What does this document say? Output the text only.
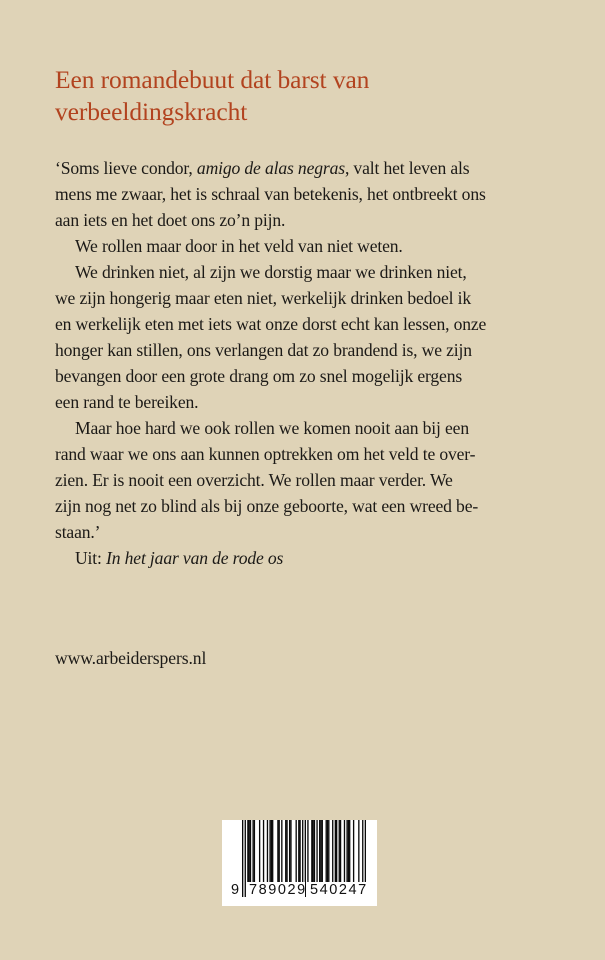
Een romandebuut dat barst van
verbeeldingskracht
‘Soms lieve condor, amigo de alas negras, valt het leven als
mens me zwaar, het is schraal van betekenis, het ontbreekt ons
aan iets en het doet ons zo’n pijn.
We rollen maar door in het veld van niet weten.
We drinken niet, al zijn we dorstig maar we drinken niet,
we zijn hongerig maar eten niet, werkelijk drinken bedoel ik
en werkelijk eten met iets wat onze dorst echt kan lessen, onze
honger kan stillen, ons verlangen dat zo brandend is, we zijn
bevangen door een grote drang om zo snel mogelijk ergens
een rand te bereiken.
Maar hoe hard we ook rollen we komen nooit aan bij een
rand waar we ons aan kunnen optrekken om het veld te over-
zien. Er is nooit een overzicht. We rollen maar verder. We
zijn nog net zo blind als bij onze geboorte, wat een wreed be-
staan.’
Uit: In het jaar van de rode os
www.arbeiderspers.nl
9 789029 540247
